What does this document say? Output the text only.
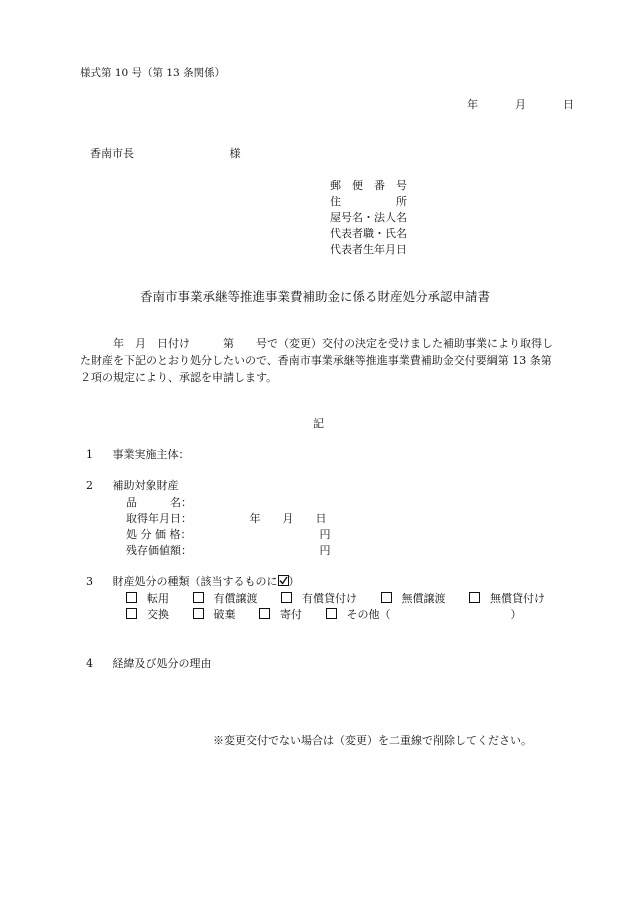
様式第 10 号（第 13 条関係）
年	月	日
香南市長	様
郵　便　番　号
住　　　　　所
屋号名・法人名
代表者職・氏名
代表者生年月日
香南市事業承継等推進事業費補助金に係る財産処分承認申請書
　　　年　月　日付け　　　第　　号で（変更）交付の決定を受けました補助事業により取得した財産を下記のとおり処分したいので、香南市事業承継等推進事業費補助金交付要綱第 13 条第２項の規定により、承認を申請します。
記
1 事業実施主体：
2 補助対象財産
品　　　名：
取得年月日：	年　　月　　日
処 分 価 格：	円
残存価値額：	円
3 財産処分の種類（該当するものに ）
転用	有償譲渡	有償貸付け	無償譲渡	無償貸付け
交換	破棄	寄付	その他（	）
4 経緯及び処分の理由
※変更交付でない場合は（変更）を二重線で削除してください。
